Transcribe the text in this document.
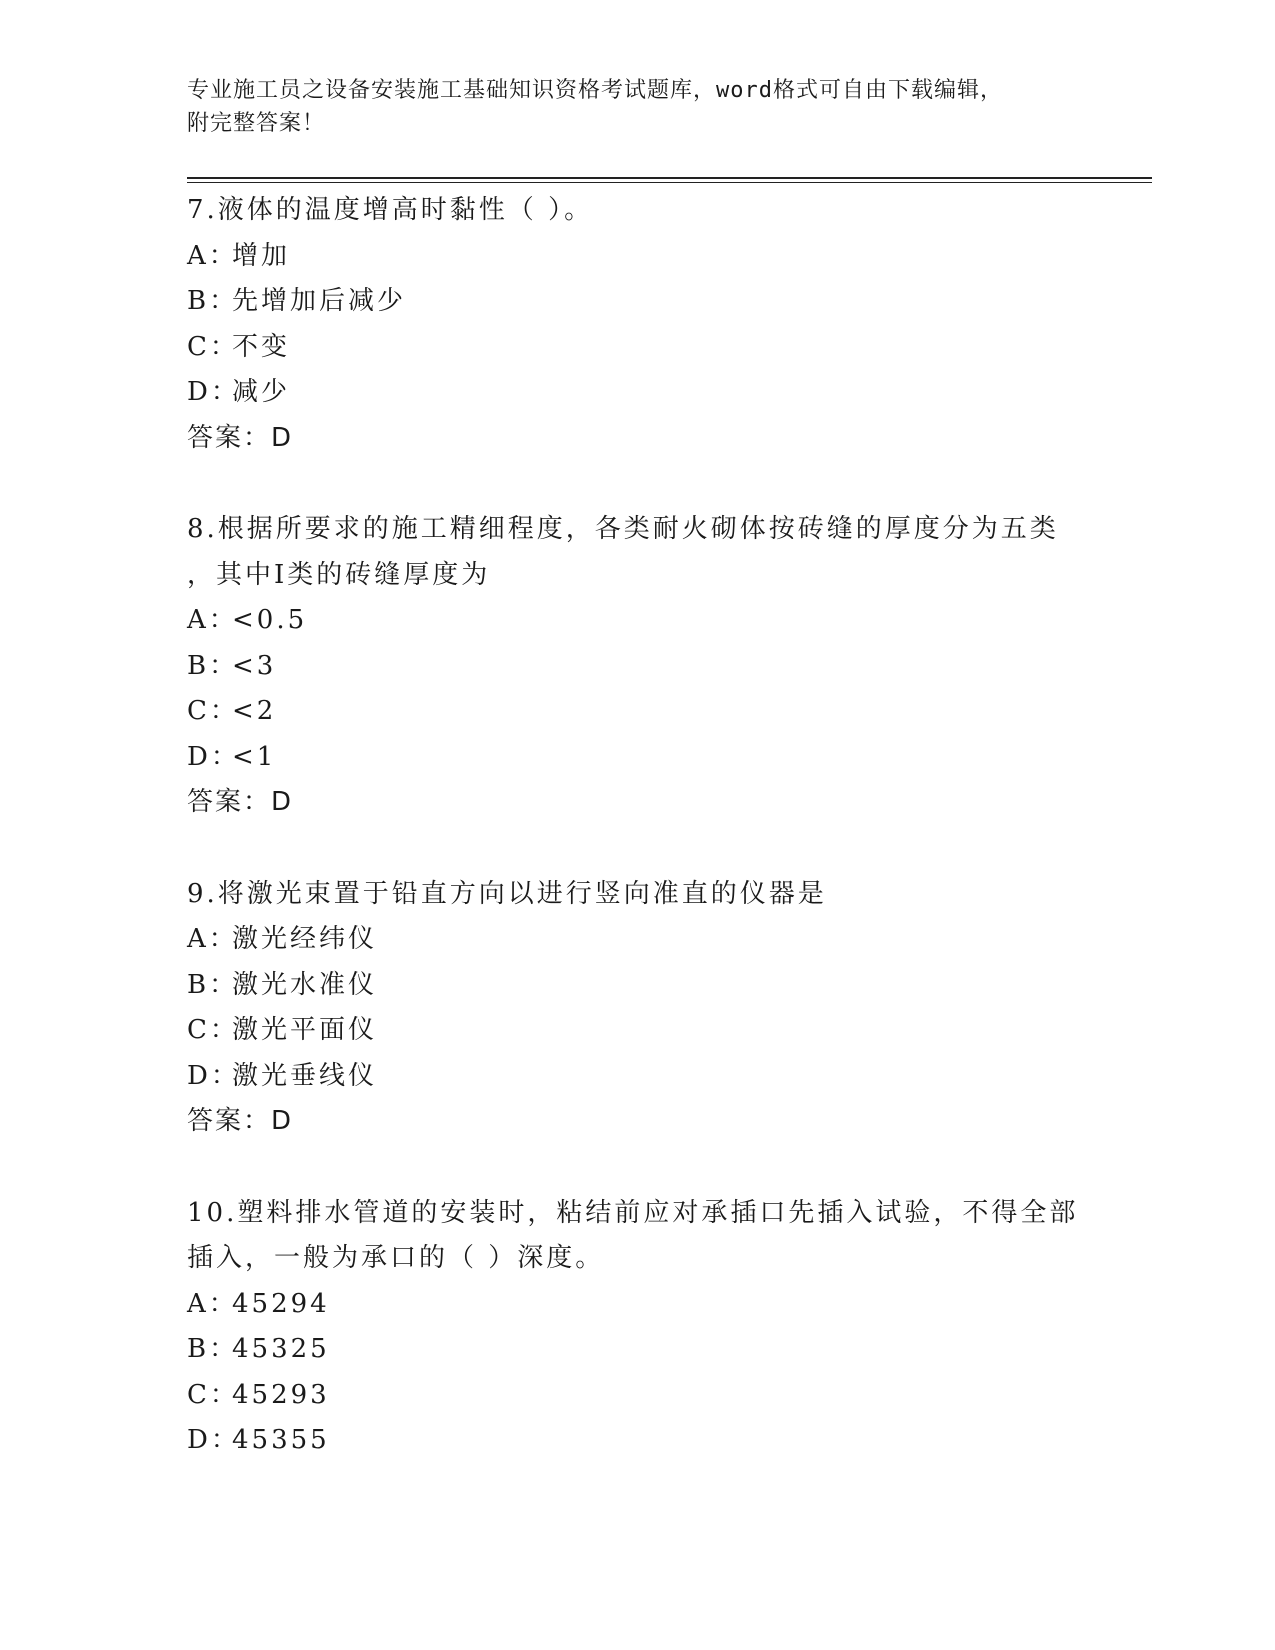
专业施工员之设备安装施工基础知识资格考试题库，word格式可自由下载编辑，
附完整答案！
7.液体的温度增高时黏性（ ）。
A：
增加
B：
先增加后减少
C：
不变
D：
减少
答案：D
8.根据所要求的施工精细程度，各类耐火砌体按砖缝的厚度分为五类
，其中Ⅰ类的砖缝厚度为
A：
<0.5
B：
<3
C：
<2
D：
<1
答案：D
9.将激光束置于铅直方向以进行竖向准直的仪器是
A：
激光经纬仪
B：
激光水准仪
C：
激光平面仪
D：
激光垂线仪
答案：D
10.塑料排水管道的安装时，粘结前应对承插口先插入试验，不得全部
插入，一般为承口的（ ）深度。
A：
45294
B：
45325
C：
45293
D：
45355
